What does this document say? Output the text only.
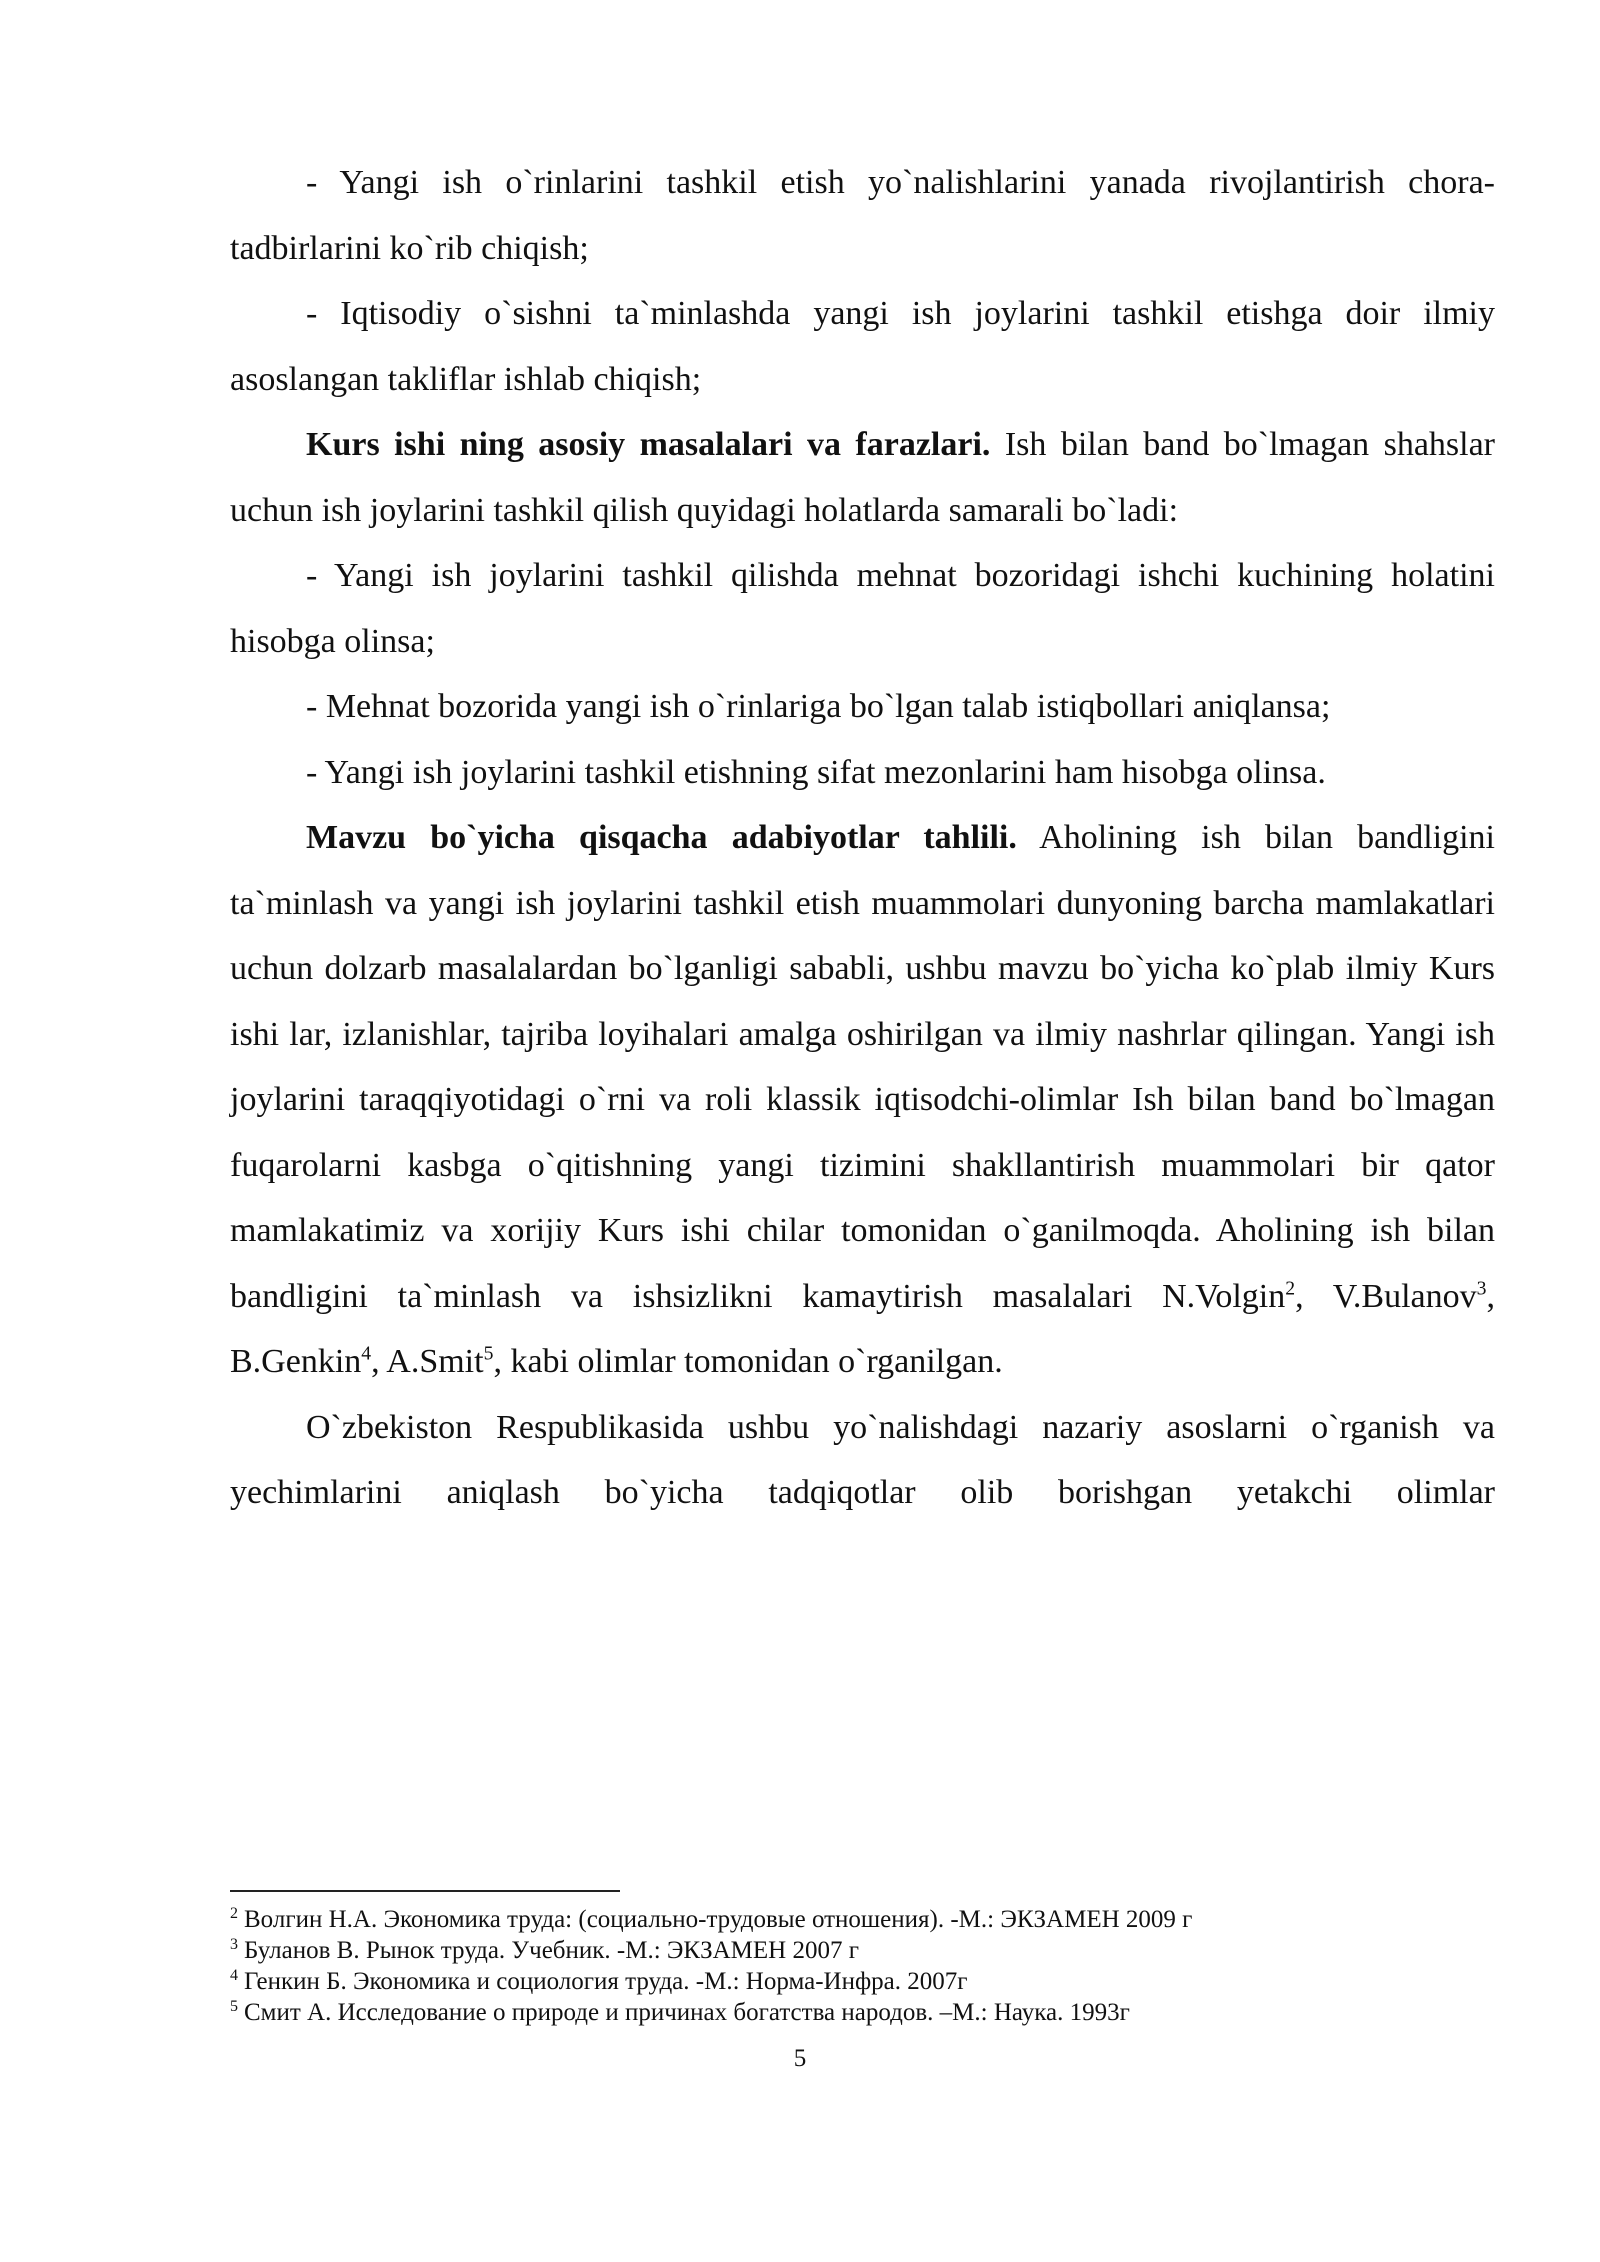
- Yangi ish o`rinlarini tashkil etish yo`nalishlarini yanada rivojlantirish chora-tadbirlarini ko`rib chiqish;

- Iqtisodiy o`sishni ta`minlashda yangi ish joylarini tashkil etishga doir ilmiy asoslangan takliflar ishlab chiqish;

Kurs ishi ning asosiy masalalari va farazlari. Ish bilan band bo`lmagan shahslar uchun ish joylarini tashkil qilish quyidagi holatlarda samarali bo`ladi:

- Yangi ish joylarini tashkil qilishda mehnat bozoridagi ishchi kuchining holatini hisobga olinsa;

- Mehnat bozorida yangi ish o`rinlariga bo`lgan talab istiqbollari aniqlansa;

- Yangi ish joylarini tashkil etishning sifat mezonlarini ham hisobga olinsa.

Mavzu bo`yicha qisqacha adabiyotlar tahlili. Aholining ish bilan bandligini ta`minlash va yangi ish joylarini tashkil etish muammolari dunyoning barcha mamlakatlari uchun dolzarb masalalardan bo`lganligi sababli, ushbu mavzu bo`yicha ko`plab ilmiy Kurs ishi lar, izlanishlar, tajriba loyihalari amalga oshirilgan va ilmiy nashrlar qilingan. Yangi ish joylarini taraqqiyotidagi o`rni va roli klassik iqtisodchi-olimlar Ish bilan band bo`lmagan fuqarolarni kasbga o`qitishning yangi tizimini shakllantirish muammolari bir qator mamlakatimiz va xorijiy Kurs ishi chilar tomonidan o`ganilmoqda. Aholining ish bilan bandligini ta`minlash va ishsizlikni kamaytirish masalalari N.Volgin$^2$, V.Bulanov$^3$, B.Genkin$^4$, A.Smit$^5$, kabi olimlar tomonidan o`rganilgan.

O`zbekiston Respublikasida ushbu yo`nalishdagi nazariy asoslarni o`rganish va yechimlarini aniqlash bo`yicha tadqiqotlar olib borishgan yetakchi olimlar

$^2$ Волгин Н.А. Экономика труда: (социально-трудовые отношения). -М.: ЭКЗАМЕН 2009 г

$^3$ Буланов В. Рынок труда. Учебник. -М.: ЭКЗАМЕН 2007 г

$^4$ Генкин Б. Экономика и социология труда. -М.: Норма-Инфра. 2007г

$^5$ Смит А. Исследование о природе и причинах богатства народов. –М.: Наука. 1993г

5
